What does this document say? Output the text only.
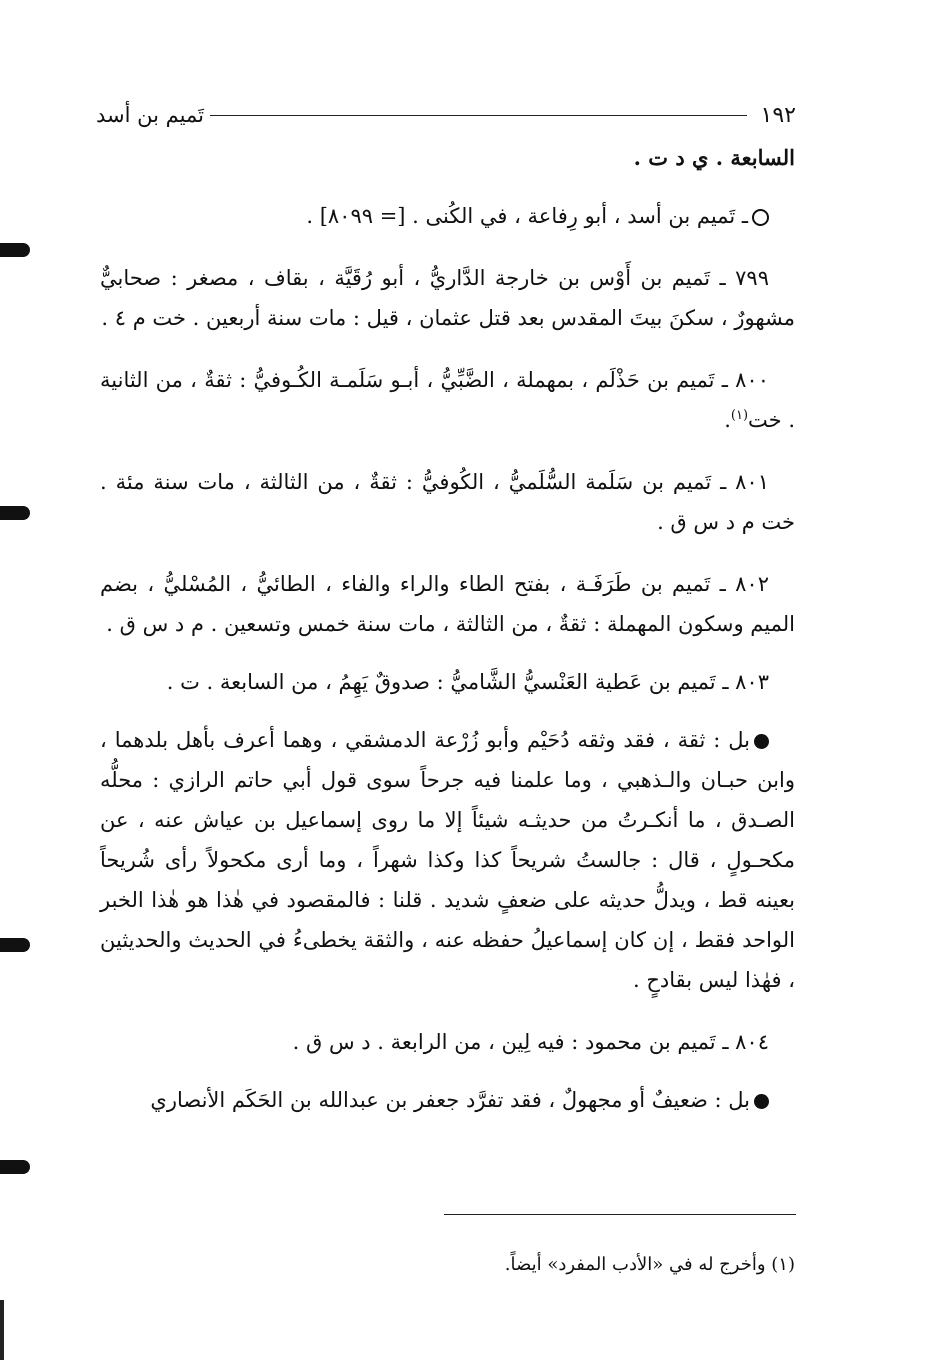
١٩٢
تَميم بن أسد

السابعة . ي د ت .

ـ تَميم بن أسد ، أبو رِفاعة ، في الكُنى . [= ٨٠٩٩] .

٧٩٩ ـ تَميم بن أَوْس بن خارجة الدَّاريُّ ، أبو رُقَيَّة ، بقاف ، مصغر : صحابيٌّ مشهورٌ ، سكنَ بيتَ المقدس بعد قتل عثمان ، قيل : مات سنة أربعين . خت م ٤ .

٨٠٠ ـ تَميم بن حَذْلَم ، بمهملة ، الضَّبِّيُّ ، أبـو سَلَمـة الكُـوفيُّ : ثقةٌ ، من الثانية . خت$^{(١)}$.

٨٠١ ـ تَميم بن سَلَمة السُّلَميُّ ، الكُوفيُّ : ثقةٌ ، من الثالثة ، مات سنة مئة . خت م د س ق .

٨٠٢ ـ تَميم بن طَرَفَـة ، بفتح الطاء والراء والفاء ، الطائيُّ ، المُسْليُّ ، بضم الميم وسكون المهملة : ثقةٌ ، من الثالثة ، مات سنة خمس وتسعين . م د س ق .

٨٠٣ ـ تَميم بن عَطية العَنْسيُّ الشَّاميُّ : صدوقٌ يَهِمُ ، من السابعة . ت .

بل : ثقة ، فقد وثقه دُحَيْم وأبو زُرْعة الدمشقي ، وهما أعرف بأهل بلدهما ، وابن حبـان والـذهبي ، وما علمنا فيه جرحاً سوى قول أبي حاتم الرازي : محلُّه الصـدق ، ما أنكـرتُ من حديثـه شيئاً إلا ما روى إسماعيل بن عياش عنه ، عن مكحـولٍ ، قال : جالستُ شريحاً كذا وكذا شهراً ، وما أرى مكحولاً رأى شُريحاً بعينه قط ، ويدلُّ حديثه على ضعفٍ شديد . قلنا : فالمقصود في هٰذا هو هٰذا الخبر الواحد فقط ، إن كان إسماعيلُ حفظه عنه ، والثقة يخطىءُ في الحديث والحديثين ، فهٰذا ليس بقادحٍ .

٨٠٤ ـ تَميم بن محمود : فيه لِين ، من الرابعة . د س ق .

بل : ضعيفٌ أو مجهولٌ ، فقد تفرَّد جعفر بن عبدالله بن الحَكَم الأنصاري

(١) وأخرج له في «الأدب المفرد» أيضاً.
